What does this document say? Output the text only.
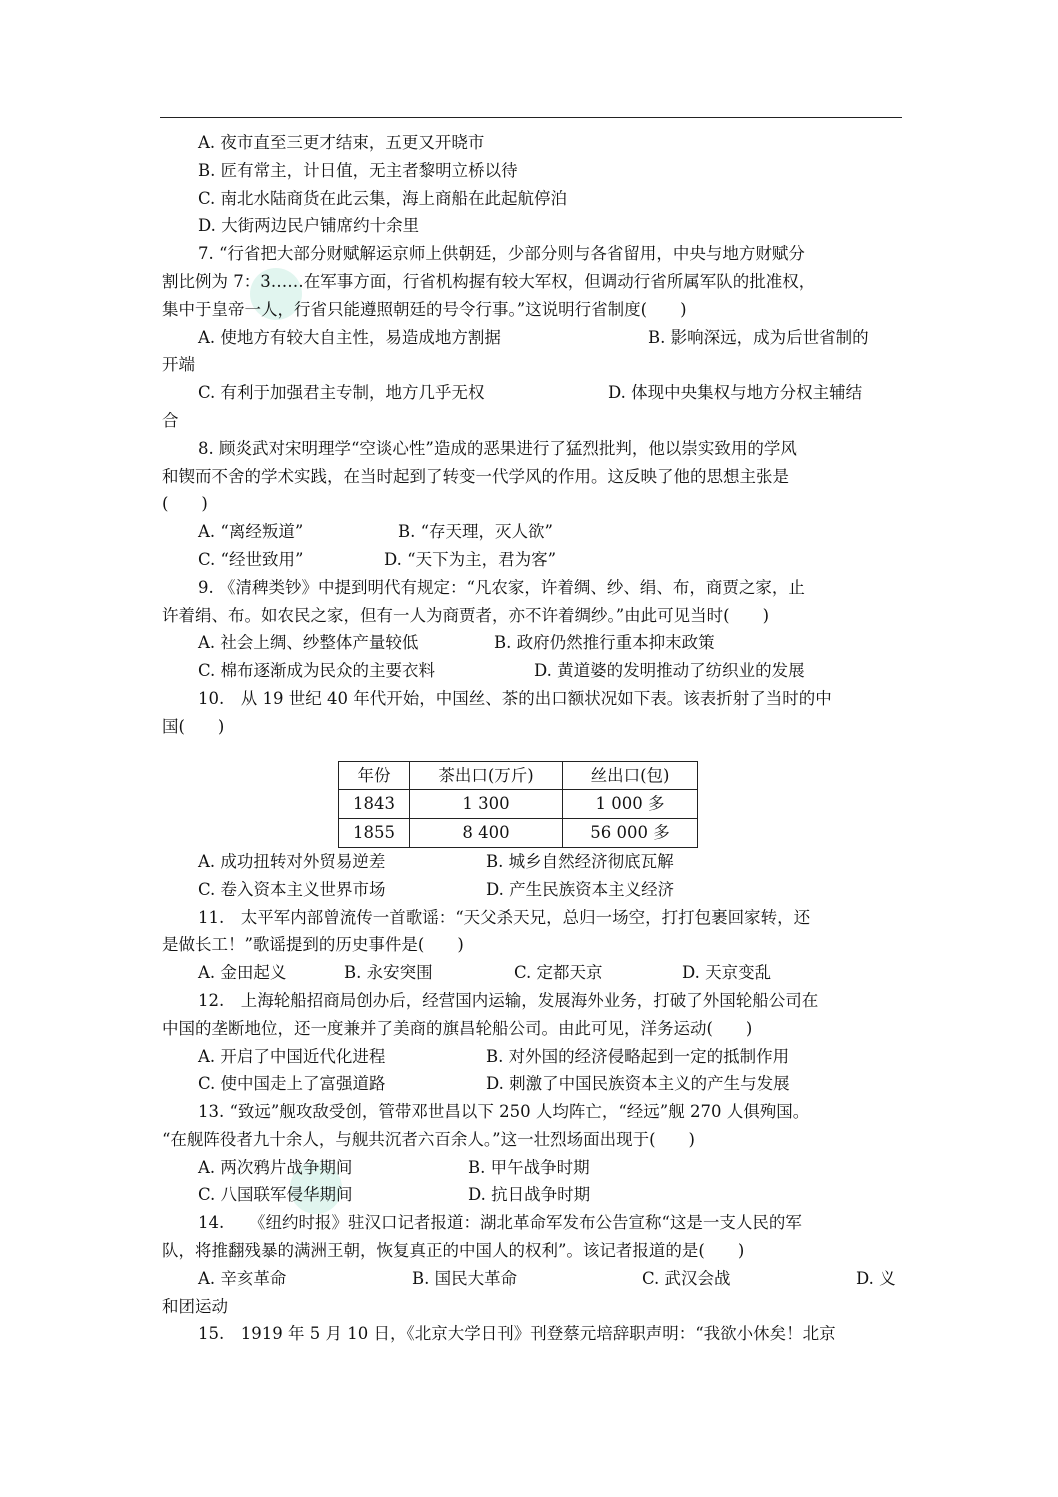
A. 夜市直至三更才结束，五更又开晓市
B. 匠有常主，计日值，无主者黎明立桥以待
C. 南北水陆商货在此云集，海上商船在此起航停泊
D. 大街两边民户铺席约十余里
7. “行省把大部分财赋解运京师上供朝廷，少部分则与各省留用，中央与地方财赋分
割比例为 7：3……在军事方面，行省机构握有较大军权，但调动行省所属军队的批准权，
集中于皇帝一人，行省只能遵照朝廷的号令行事。”这说明行省制度(　　)
A. 使地方有较大自主性，易造成地方割据	B. 影响深远，成为后世省制的
开端
C. 有利于加强君主专制，地方几乎无权	D. 体现中央集权与地方分权主辅结
合
8. 顾炎武对宋明理学“空谈心性”造成的恶果进行了猛烈批判，他以崇实致用的学风
和锲而不舍的学术实践，在当时起到了转变一代学风的作用。这反映了他的思想主张是
(　　)
A. “离经叛道”	B. “存天理，灭人欲”
C. “经世致用”	D. “天下为主，君为客”
9. 《清稗类钞》中提到明代有规定：“凡农家，许着绸、纱、绢、布，商贾之家，止
许着绢、布。如农民之家，但有一人为商贾者，亦不许着绸纱。”由此可见当时(　　)
A. 社会上绸、纱整体产量较低	B. 政府仍然推行重本抑末政策
C. 棉布逐渐成为民众的主要衣料	D. 黄道婆的发明推动了纺织业的发展
10.　从 19 世纪 40 年代开始，中国丝、茶的出口额状况如下表。该表折射了当时的中
国(　　)
年份	茶出口(万斤)	丝出口(包)
1843	1 300	1 000 多
1855	8 400	56 000 多
A. 成功扭转对外贸易逆差	B. 城乡自然经济彻底瓦解
C. 卷入资本主义世界市场	D. 产生民族资本主义经济
11.　太平军内部曾流传一首歌谣：“天父杀天兄，总归一场空，打打包裹回家转，还
是做长工！”歌谣提到的历史事件是(　　)
A. 金田起义	B. 永安突围	C. 定都天京	D. 天京变乱
12.　上海轮船招商局创办后，经营国内运输，发展海外业务，打破了外国轮船公司在
中国的垄断地位，还一度兼并了美商的旗昌轮船公司。由此可见，洋务运动(　　)
A. 开启了中国近代化进程	B. 对外国的经济侵略起到一定的抵制作用
C. 使中国走上了富强道路	D. 刺激了中国民族资本主义的产生与发展
13. “致远”舰攻敌受创，管带邓世昌以下 250 人均阵亡，“经远”舰 270 人俱殉国。
“在舰阵役者九十余人，与舰共沉者六百余人。”这一壮烈场面出现于(　　)
A. 两次鸦片战争期间	B. 甲午战争时期
C. 八国联军侵华期间	D. 抗日战争时期
14.　　《纽约时报》驻汉口记者报道：湖北革命军发布公告宣称“这是一支人民的军
队，将推翻残暴的满洲王朝，恢复真正的中国人的权利”。该记者报道的是(　　)
A. 辛亥革命	B. 国民大革命	C. 武汉会战	D. 义
和团运动
15.　1919 年 5 月 10 日，《北京大学日刊》刊登蔡元培辞职声明：“我欲小休矣！北京
